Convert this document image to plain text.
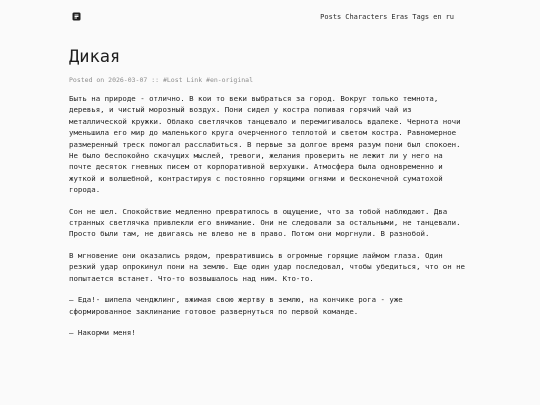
Posts Characters Eras Tags en ru
Дикая
Posted on 2026-03-07 :: #Lost Link #en-original

Быть на природе - отлично. В кои то веки выбраться за город. Вокруг только темнота, деревья, и чистый морозный воздух. Пони сидел у костра попивая горячий чай из металлической кружки. Облако светлячков танцевало и перемигивалось вдалеке. Чернота ночи уменьшила его мир до маленького круга очерченного теплотой и светом костра. Равномерное размеренный треск помогал расслабиться. В первые за долгое время разум пони был спокоен. Не было беспокойно скачущих мыслей, тревоги, желания проверить не лежит ли у него на почте десяток гневных писем от корпоративной верхушки. Атмосфера была одновременно и жуткой и волшебной, контрастируя с постоянно горящими огнями и бесконечной суматохой города.

Сон не шел. Спокойствие медленно превратилось в ощущение, что за тобой наблюдают. Два странных светлячка привлекли его внимание. Они не следовали за остальными, не танцевали. Просто были там, не двигаясь не влево не в право. Потом они моргнули. В разнобой.

В мгновение они оказались рядом, превратившись в огромные горящие лаймом глаза. Один резкий удар опрокинул пони на землю. Еще один удар последовал, чтобы убедиться, что он не попытается встанет. Что-то возвышалось над ним. Кто-то.

— Еда!- шипела ченджлинг, вжимая свою жертву в землю, на кончике рога - уже сформированное заклинание готовое развернуться по первой команде.

— Накорми меня!
